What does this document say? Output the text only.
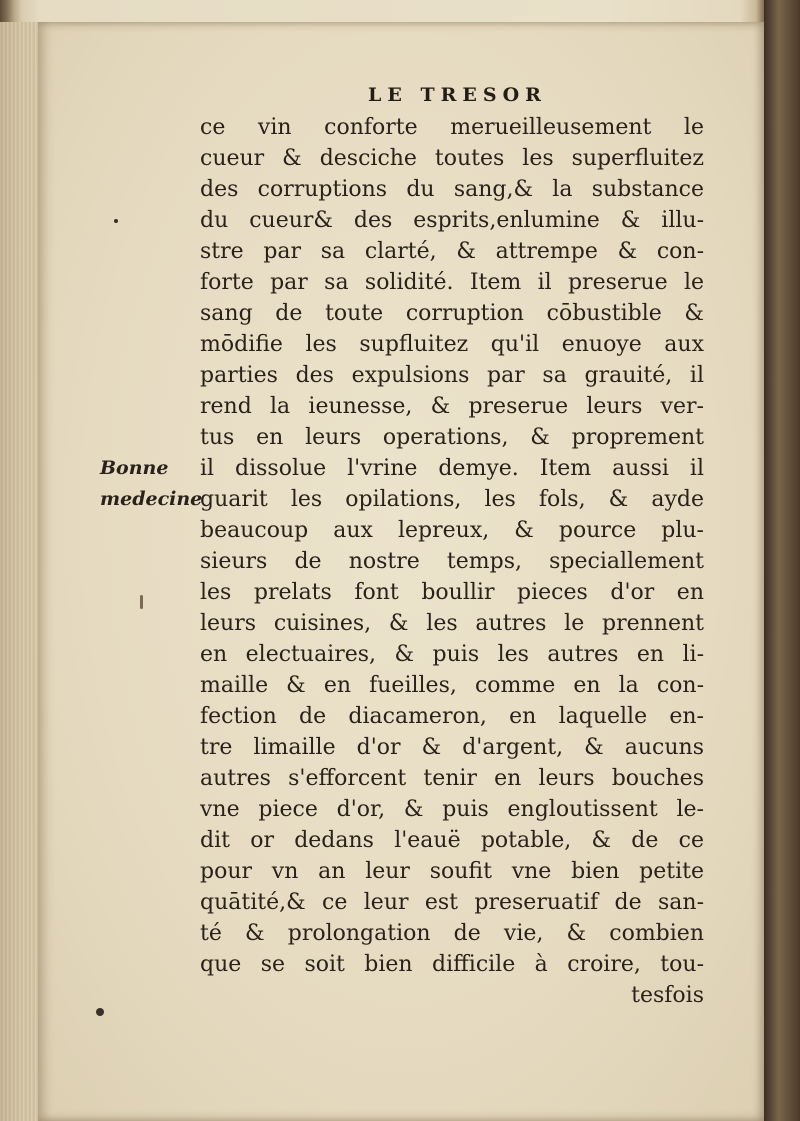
LE TRESOR
Bonne
medecine
ce vin conforte merueilleusement le
cueur & desciche toutes les superfluitez
des corruptions du sang,& la substance
du cueur& des esprits,enlumine & illu-
stre par sa clarté, & attrempe & con-
forte par sa solidité. Item il preserue le
sang de toute corruption cōbustible &
mōdifie les supfluitez qu'il enuoye aux
parties des expulsions par sa grauité, il
rend la ieunesse, & preserue leurs ver-
tus en leurs operations, & proprement
il dissolue l'vrine demye. Item aussi il
guarit les opilations, les fols, & ayde
beaucoup aux lepreux, & pource plu-
sieurs de nostre temps, speciallement
les prelats font boullir pieces d'or en
leurs cuisines, & les autres le prennent
en electuaires, & puis les autres en li-
maille & en fueilles, comme en la con-
fection de diacameron, en laquelle en-
tre limaille d'or & d'argent, & aucuns
autres s'efforcent tenir en leurs bouches
vne piece d'or, & puis engloutissent le-
dit or dedans l'eauë potable, & de ce
pour vn an leur soufit vne bien petite
quātité,& ce leur est preseruatif de san-
té & prolongation de vie, & combien
que se soit bien difficile à croire, tou-
tesfois
